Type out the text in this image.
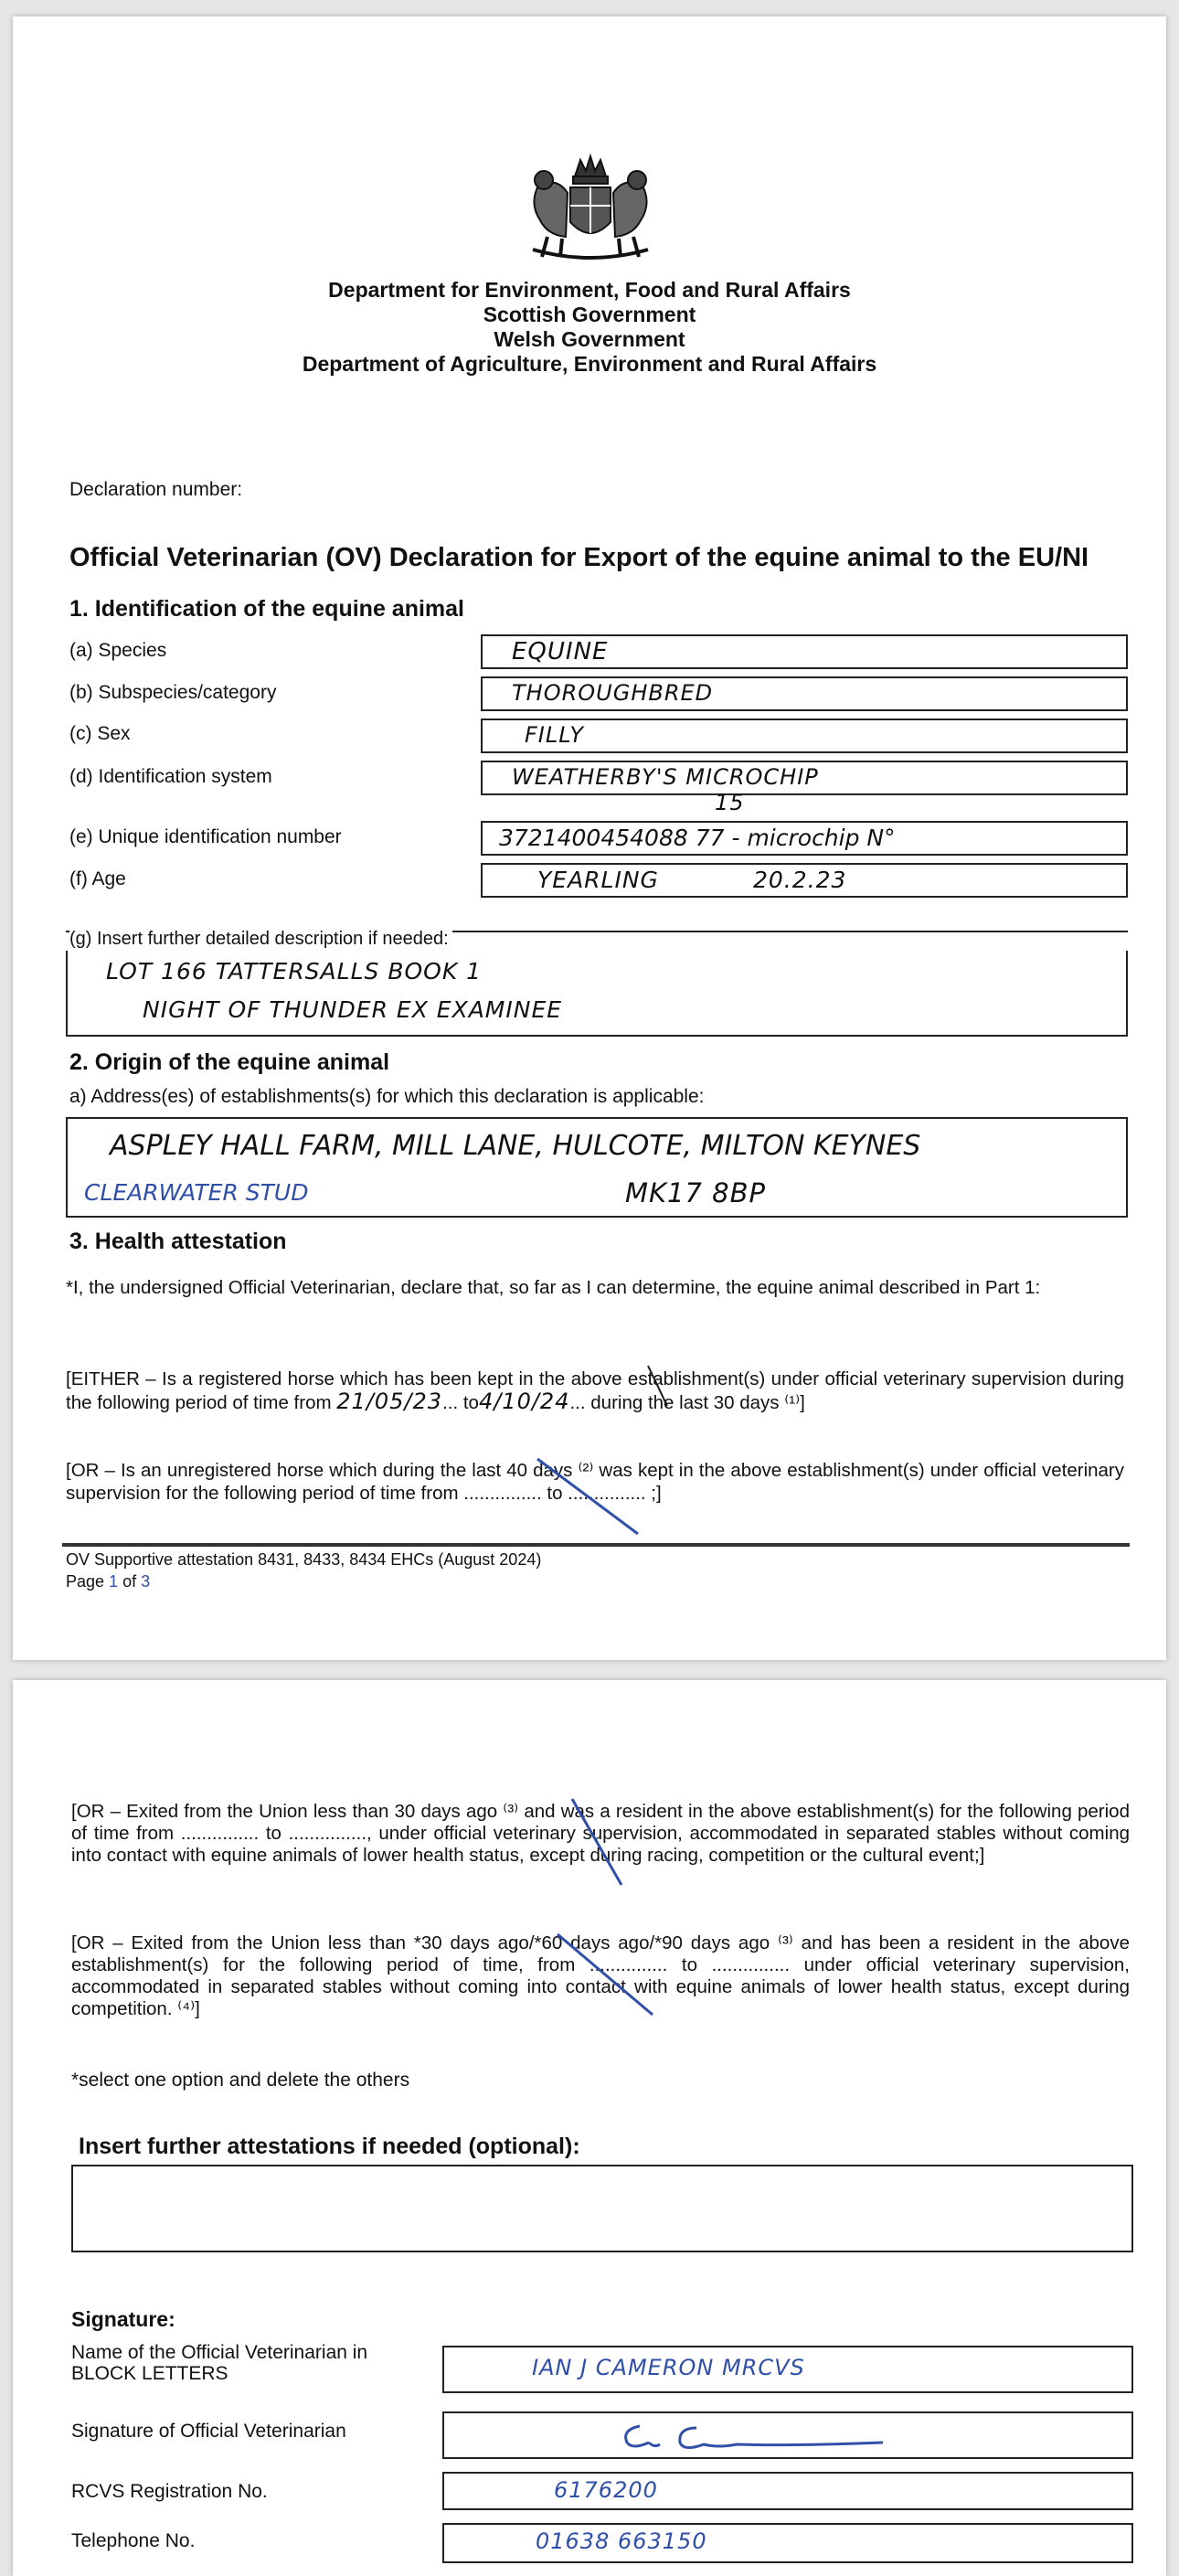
Department for Environment, Food and Rural Affairs
Scottish Government
Welsh Government
Department of Agriculture, Environment and Rural Affairs
Declaration number:
Official Veterinarian (OV) Declaration for Export of the equine animal to the EU/NI
1. Identification of the equine animal
(a) Species	EQUINE
(b) Subspecies/category	THOROUGHBRED
(c) Sex	FILLY
(d) Identification system	WEATHERBY'S MICROCHIP
15
(e) Unique identification number	3721400454088 77 - microchip N°
(f) Age	YEARLING	20.2.23
(g) Insert further detailed description if needed:
LOT 166 TATTERSALLS BOOK 1
NIGHT OF THUNDER EX EXAMINEE
2. Origin of the equine animal
a) Address(es) of establishments(s) for which this declaration is applicable:
ASPLEY HALL FARM, MILL LANE, HULCOTE, MILTON KEYNES
CLEARWATER STUD	MK17 8BP
3. Health attestation
*I, the undersigned Official Veterinarian, declare that, so far as I can determine, the equine animal described in Part 1:
[EITHER – Is a registered horse which has been kept in the above establishment(s) under official veterinary supervision during the following period of time from 21/05/23... to4/10/24... during the last 30 days ⁽¹⁾]
[OR – Is an unregistered horse which during the last 40 days ⁽²⁾ was kept in the above establishment(s) under official veterinary supervision for the following period of time from ............... to ............... ;]
OV Supportive attestation 8431, 8433, 8434 EHCs (August 2024)
Page 1 of 3
[OR – Exited from the Union less than 30 days ago ⁽³⁾ and was a resident in the above establishment(s) for the following period of time from ............... to ..............., under official veterinary supervision, accommodated in separated stables without coming into contact with equine animals of lower health status, except during racing, competition or the cultural event;]
[OR – Exited from the Union less than *30 days ago/*60 days ago/*90 days ago ⁽³⁾ and has been a resident in the above establishment(s) for the following period of time, from ............... to ............... under official veterinary supervision, accommodated in separated stables without coming into contact with equine animals of lower health status, except during competition. ⁽⁴⁾]
*select one option and delete the others
Insert further attestations if needed (optional):
Signature:
Name of the Official Veterinarian in BLOCK LETTERS	IAN J CAMERON MRCVS
Signature of Official Veterinarian
RCVS Registration No.	6176200
Telephone No.	01638 663150
